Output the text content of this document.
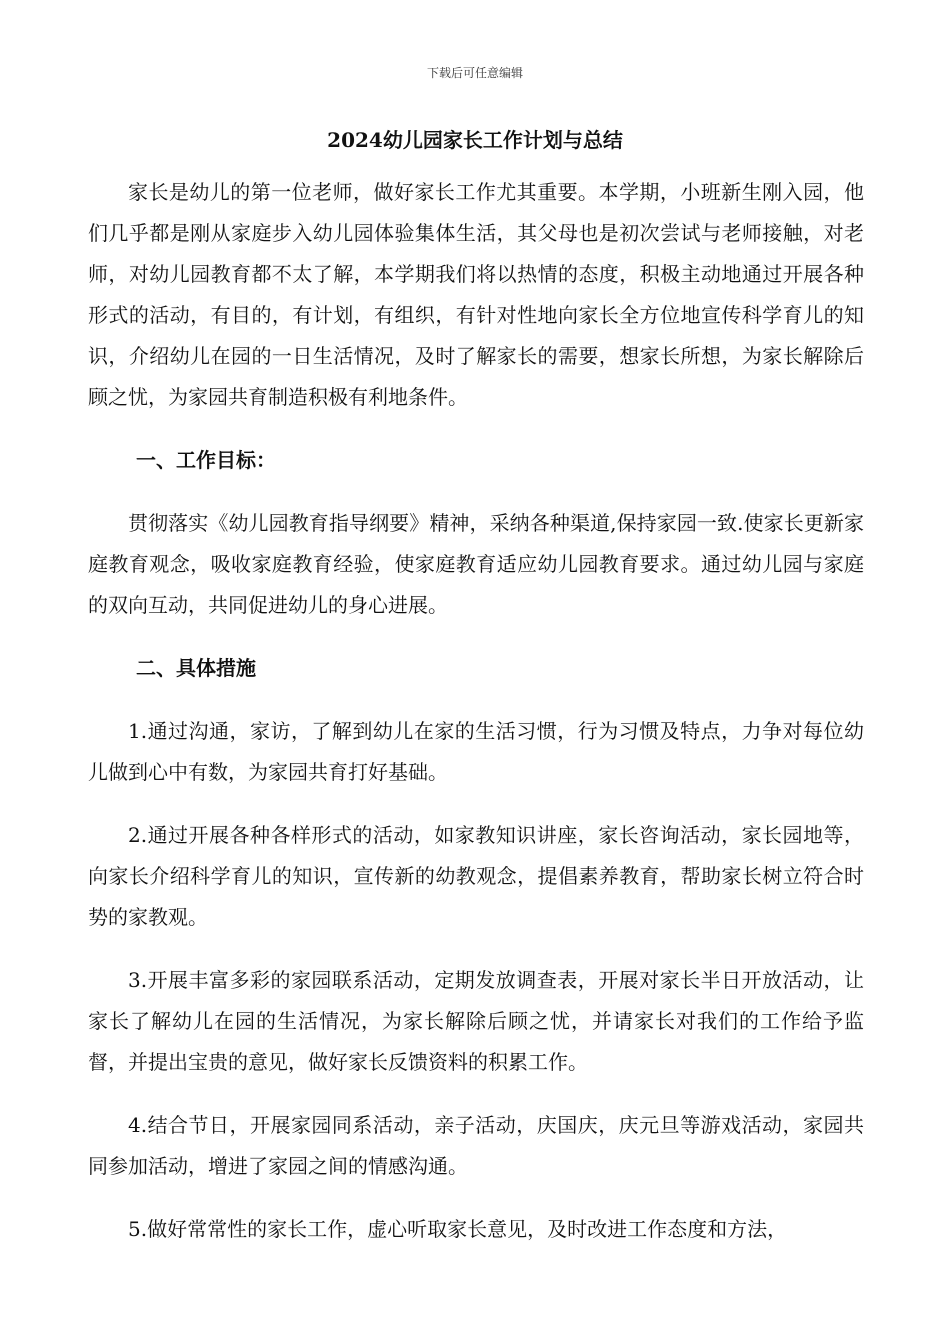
下载后可任意编辑
2024幼儿园家长工作计划与总结

家长是幼儿的第一位老师，做好家长工作尤其重要。本学期，小班新生刚入园，他们几乎都是刚从家庭步入幼儿园体验集体生活，其父母也是初次尝试与老师接触，对老师，对幼儿园教育都不太了解，本学期我们将以热情的态度，积极主动地通过开展各种形式的活动，有目的，有计划，有组织，有针对性地向家长全方位地宣传科学育儿的知识，介绍幼儿在园的一日生活情况，及时了解家长的需要，想家长所想，为家长解除后顾之忧，为家园共育制造积极有利地条件。

一、工作目标：

贯彻落实《幼儿园教育指导纲要》精神，采纳各种渠道,保持家园一致.使家长更新家庭教育观念，吸收家庭教育经验，使家庭教育适应幼儿园教育要求。通过幼儿园与家庭的双向互动，共同促进幼儿的身心进展。

二、具体措施

1.通过沟通，家访，了解到幼儿在家的生活习惯，行为习惯及特点，力争对每位幼儿做到心中有数，为家园共育打好基础。

2.通过开展各种各样形式的活动，如家教知识讲座，家长咨询活动，家长园地等，向家长介绍科学育儿的知识，宣传新的幼教观念，提倡素养教育，帮助家长树立符合时势的家教观。

3.开展丰富多彩的家园联系活动，定期发放调查表，开展对家长半日开放活动，让家长了解幼儿在园的生活情况，为家长解除后顾之忧，并请家长对我们的工作给予监督，并提出宝贵的意见，做好家长反馈资料的积累工作。

4.结合节日，开展家园同系活动，亲子活动，庆国庆，庆元旦等游戏活动，家园共同参加活动，增进了家园之间的情感沟通。

5.做好常常性的家长工作，虚心听取家长意见，及时改进工作态度和方法，
